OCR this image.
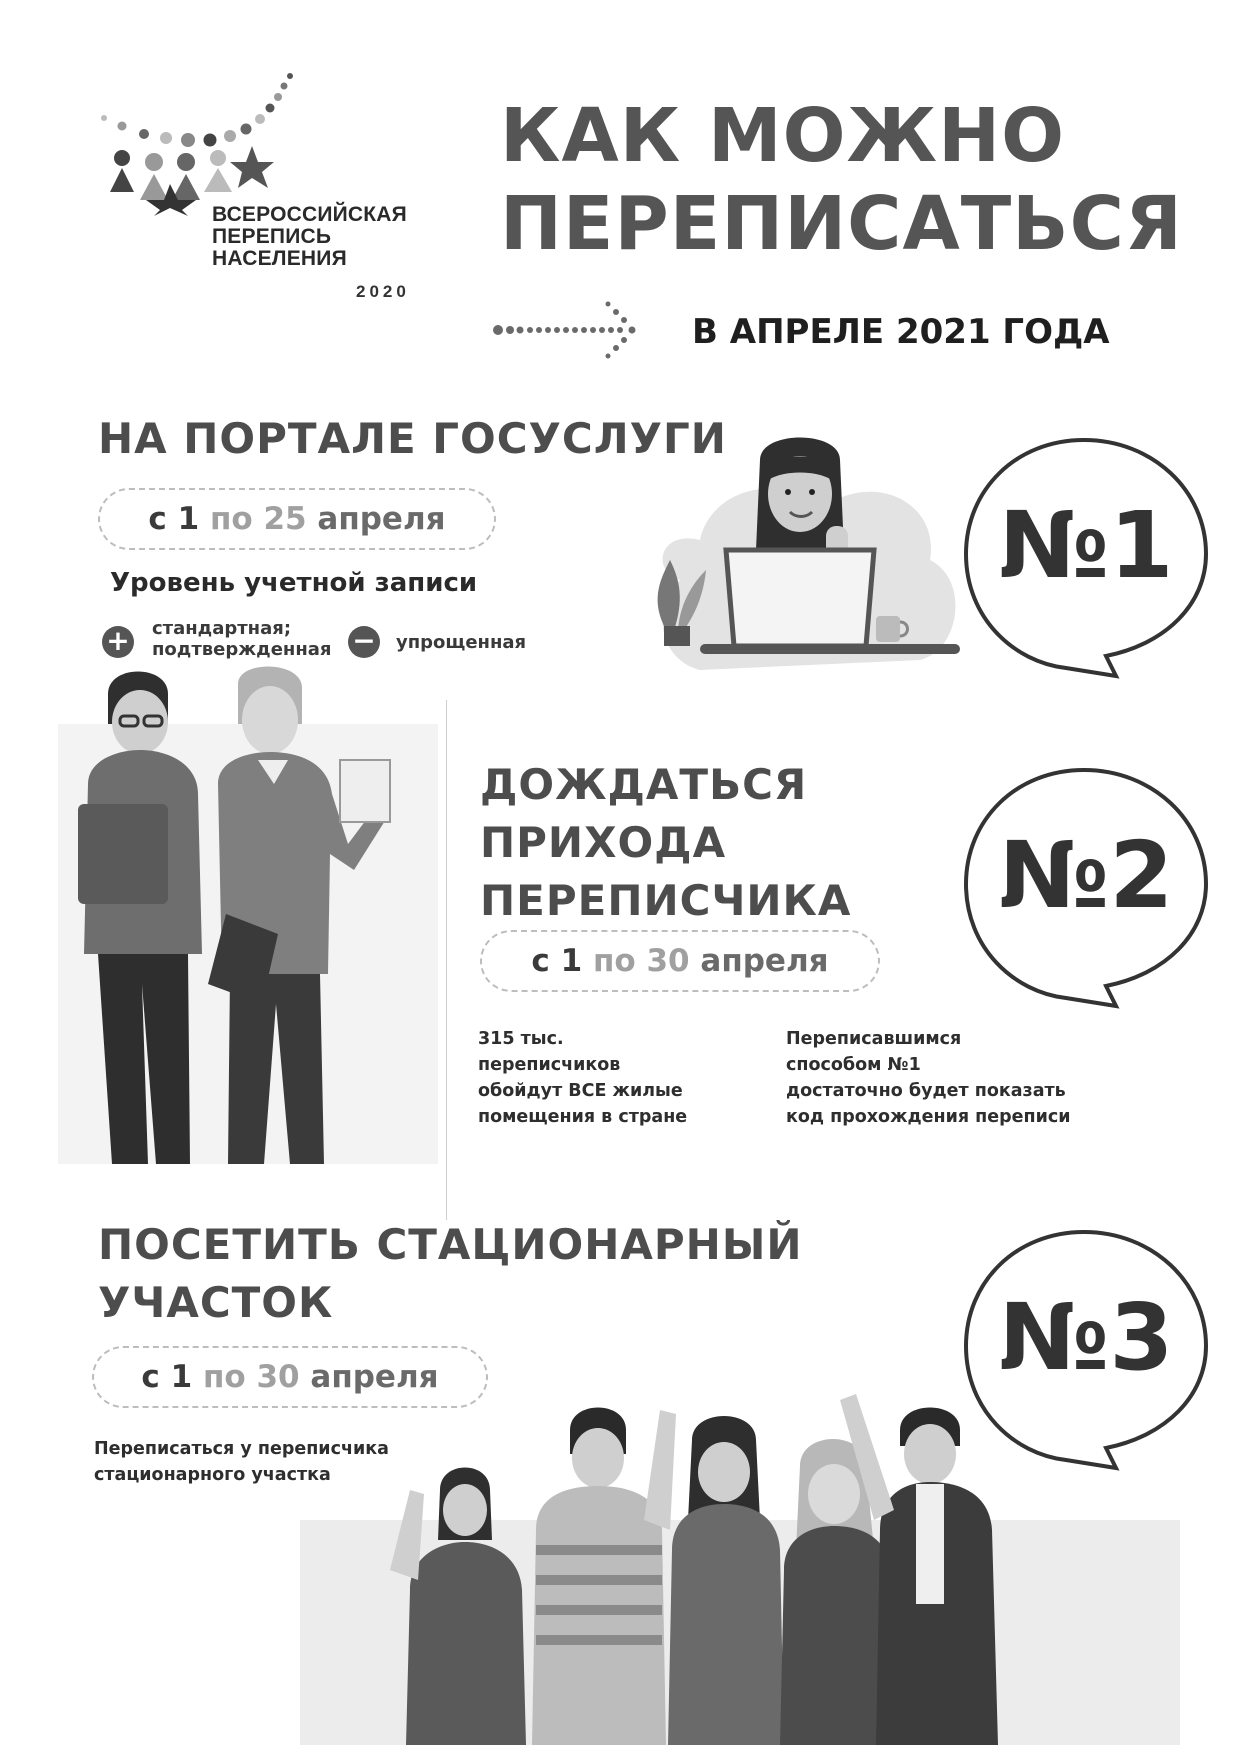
ВСЕРОССИЙСКАЯ
ПЕРЕПИСЬ
НАСЕЛЕНИЯ
2020
КАК МОЖНО
ПЕРЕПИСАТЬСЯ
В АПРЕЛЕ 2021 ГОДА
НА ПОРТАЛЕ ГОСУСЛУГИ
с 1
по 25
апреля
Уровень учетной записи
+ стандартная;
подтвержденная − упрощенная
№1
ДОЖДАТЬСЯ
ПРИХОДА
ПЕРЕПИСЧИКА
с 1
по 30
апреля
315 тыс.
переписчиков
обойдут ВСЕ жилые
помещения в стране
Переписавшимся
способом №1
достаточно будет показать
код прохождения переписи
№2
ПОСЕТИТЬ СТАЦИОНАРНЫЙ
УЧАСТОК
с 1
по 30
апреля
Переписаться у переписчика
стационарного участка
№3
